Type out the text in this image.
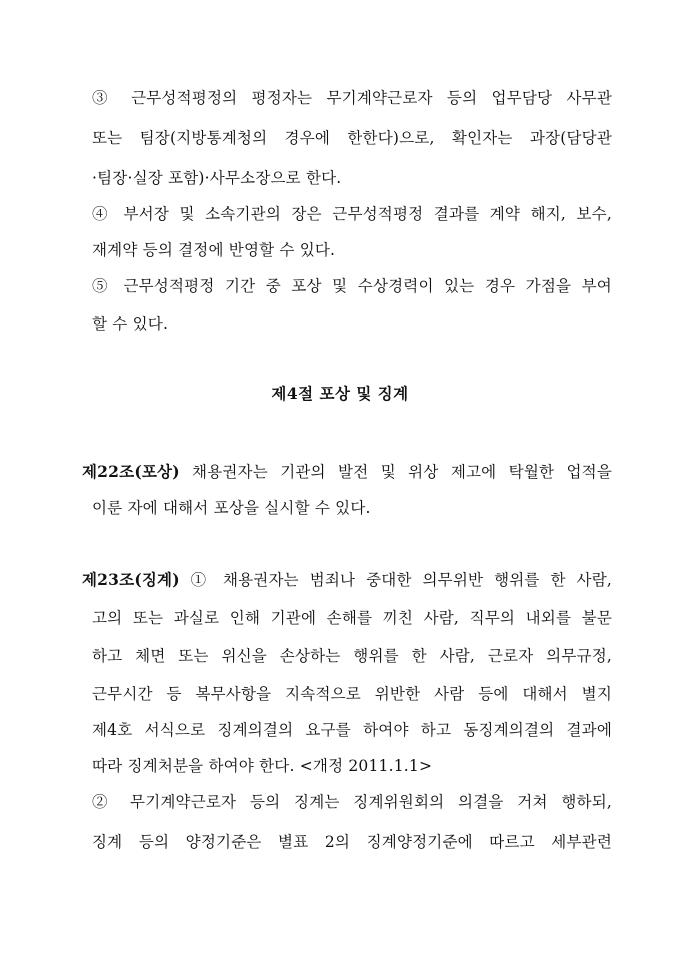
③ 근무성적평정의 평정자는 무기계약근로자 등의 업무담당 사무관
또는 팀장(지방통계청의 경우에 한한다)으로, 확인자는 과장(담당관
·팀장·실장 포함)·사무소장으로 한다.
④ 부서장 및 소속기관의 장은 근무성적평정 결과를 계약 해지, 보수,
재계약 등의 결정에 반영할 수 있다.
⑤ 근무성적평정 기간 중 포상 및 수상경력이 있는 경우 가점을 부여
할 수 있다.
제4절 포상 및 징계
제22조(포상) 채용권자는 기관의 발전 및 위상 제고에 탁월한 업적을
이룬 자에 대해서 포상을 실시할 수 있다.
제23조(징계) ① 채용권자는 범죄나 중대한 의무위반 행위를 한 사람,
고의 또는 과실로 인해 기관에 손해를 끼친 사람, 직무의 내외를 불문
하고 체면 또는 위신을 손상하는 행위를 한 사람, 근로자 의무규정,
근무시간 등 복무사항을 지속적으로 위반한 사람 등에 대해서 별지
제4호 서식으로 징계의결의 요구를 하여야 하고 동징계의결의 결과에
따라 징계처분을 하여야 한다. <개정 2011.1.1>
② 무기계약근로자 등의 징계는 징계위원회의 의결을 거쳐 행하되,
징계 등의 양정기준은 별표 2의 징계양정기준에 따르고 세부관련
